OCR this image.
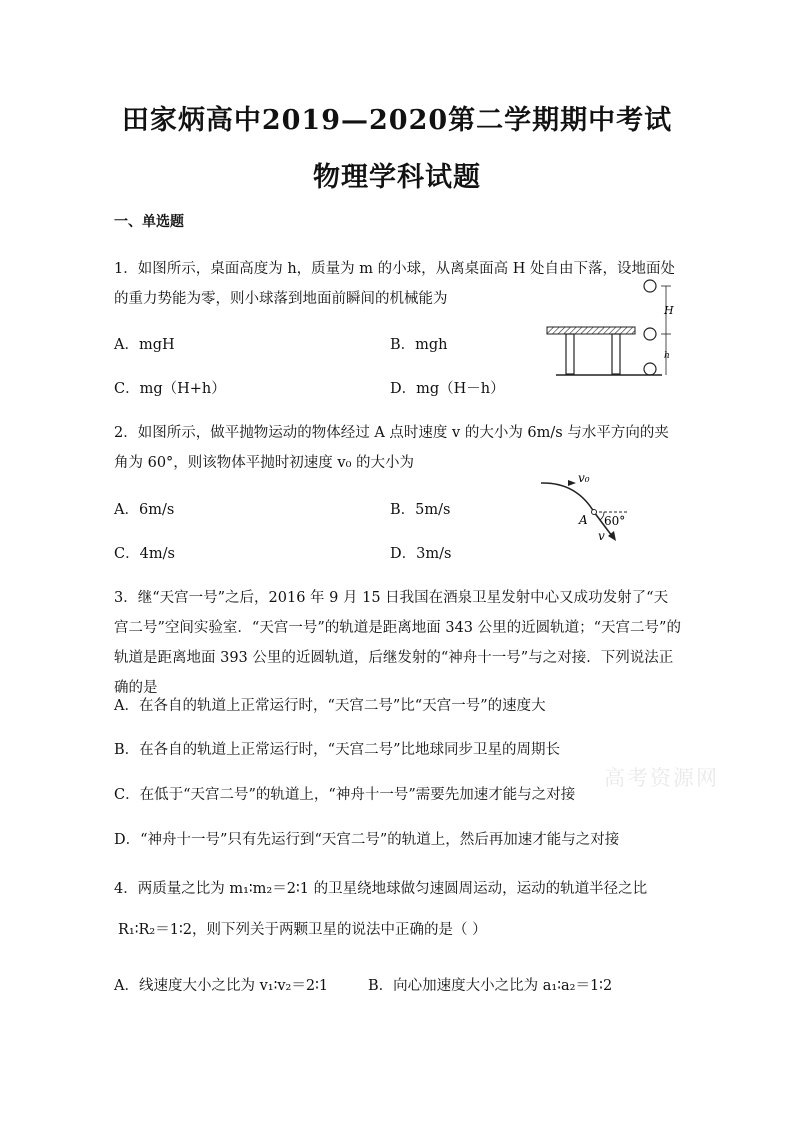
田家炳高中2019—2020第二学期期中考试
物理学科试题
一、单选题
1．如图所示，桌面高度为 h，质量为 m 的小球，从离桌面高 H 处自由下落，设地面处的重力势能为零，则小球落到地面前瞬间的机械能为
A．mgH	B．mgh
C．mg（H+h）	D．mg（H－h）
H
h
2．如图所示，做平抛物运动的物体经过 A 点时速度 v 的大小为 6m/s 与水平方向的夹角为 60°，则该物体平抛时初速度 v₀ 的大小为
A．6m/s	B．5m/s
C．4m/s	D．3m/s
v₀
A 60°
v
3．继“天宫一号”之后，2016 年 9 月 15 日我国在酒泉卫星发射中心又成功发射了“天宫二号”空间实验室．“天宫一号”的轨道是距离地面 343 公里的近圆轨道；“天宫二号”的轨道是距离地面 393 公里的近圆轨道，后继发射的“神舟十一号”与之对接．下列说法正确的是
A．在各自的轨道上正常运行时，“天宫二号”比“天宫一号”的速度大
B．在各自的轨道上正常运行时，“天宫二号”比地球同步卫星的周期长
C．在低于“天宫二号”的轨道上，“神舟十一号”需要先加速才能与之对接
D．“神舟十一号”只有先运行到“天宫二号”的轨道上，然后再加速才能与之对接
高考资源网
4．两质量之比为 m₁∶m₂＝2∶1 的卫星绕地球做匀速圆周运动，运动的轨道半径之比
R₁∶R₂＝1∶2，则下列关于两颗卫星的说法中正确的是（ ）
A．线速度大小之比为 v₁∶v₂＝2∶1	B．向心加速度大小之比为 a₁∶a₂＝1∶2
